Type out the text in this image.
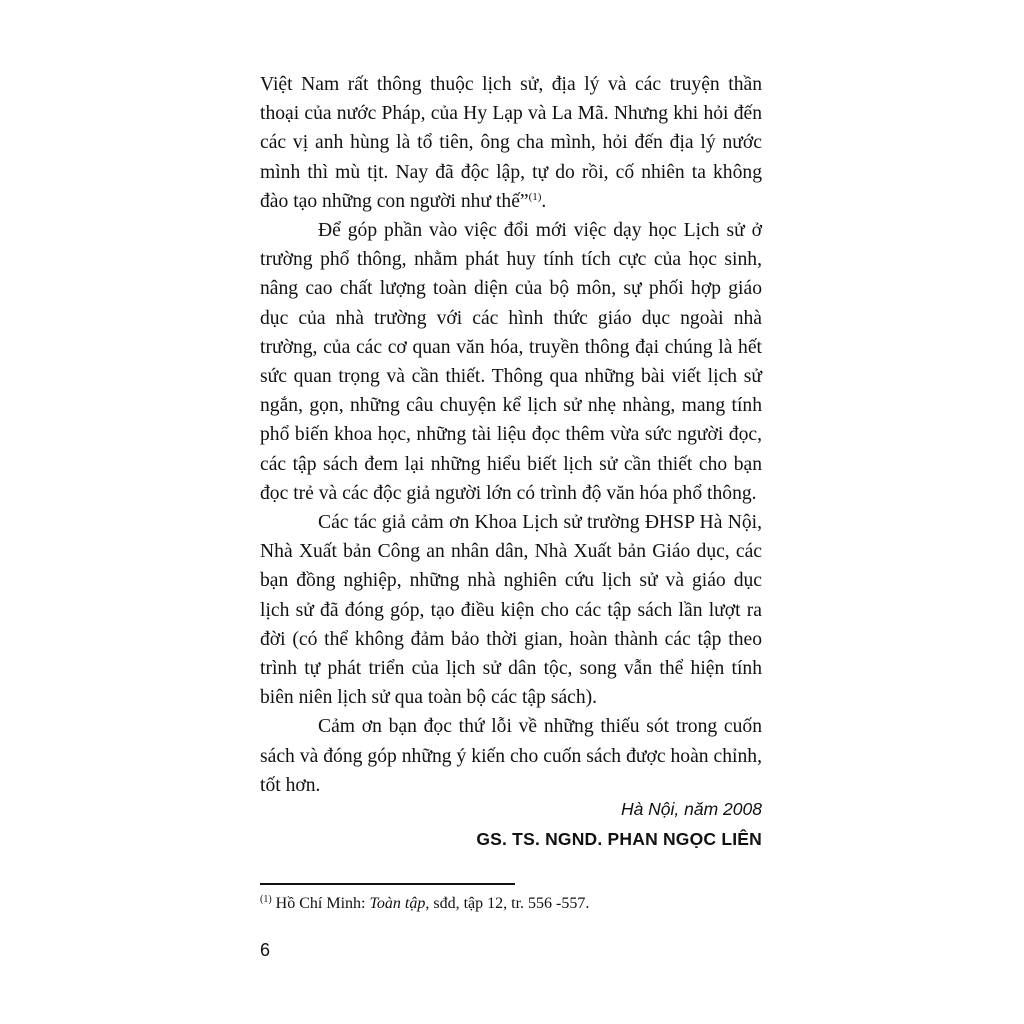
Việt Nam rất thông thuộc lịch sử, địa lý và các truyện thần thoại của nước Pháp, của Hy Lạp và La Mã. Nhưng khi hỏi đến các vị anh hùng là tổ tiên, ông cha mình, hỏi đến địa lý nước mình thì mù tịt. Nay đã độc lập, tự do rồi, cố nhiên ta không đào tạo những con người như thế”$^{(1)}$.

Để góp phần vào việc đổi mới việc dạy học Lịch sử ở trường phổ thông, nhằm phát huy tính tích cực của học sinh, nâng cao chất lượng toàn diện của bộ môn, sự phối hợp giáo dục của nhà trường với các hình thức giáo dục ngoài nhà trường, của các cơ quan văn hóa, truyền thông đại chúng là hết sức quan trọng và cần thiết. Thông qua những bài viết lịch sử ngắn, gọn, những câu chuyện kể lịch sử nhẹ nhàng, mang tính phổ biến khoa học, những tài liệu đọc thêm vừa sức người đọc, các tập sách đem lại những hiểu biết lịch sử cần thiết cho bạn đọc trẻ và các độc giả người lớn có trình độ văn hóa phổ thông.

Các tác giả cảm ơn Khoa Lịch sử trường ĐHSP Hà Nội, Nhà Xuất bản Công an nhân dân, Nhà Xuất bản Giáo dục, các bạn đồng nghiệp, những nhà nghiên cứu lịch sử và giáo dục lịch sử đã đóng góp, tạo điều kiện cho các tập sách lần lượt ra đời (có thể không đảm bảo thời gian, hoàn thành các tập theo trình tự phát triển của lịch sử dân tộc, song vẫn thể hiện tính biên niên lịch sử qua toàn bộ các tập sách).

Cảm ơn bạn đọc thứ lỗi về những thiếu sót trong cuốn sách và đóng góp những ý kiến cho cuốn sách được hoàn chỉnh, tốt hơn.

Hà Nội, năm 2008
GS. TS. NGND. PHAN NGỌC LIÊN
$^{(1)}$ Hồ Chí Minh: Toàn tập, sđd, tập 12, tr. 556 -557.
6
